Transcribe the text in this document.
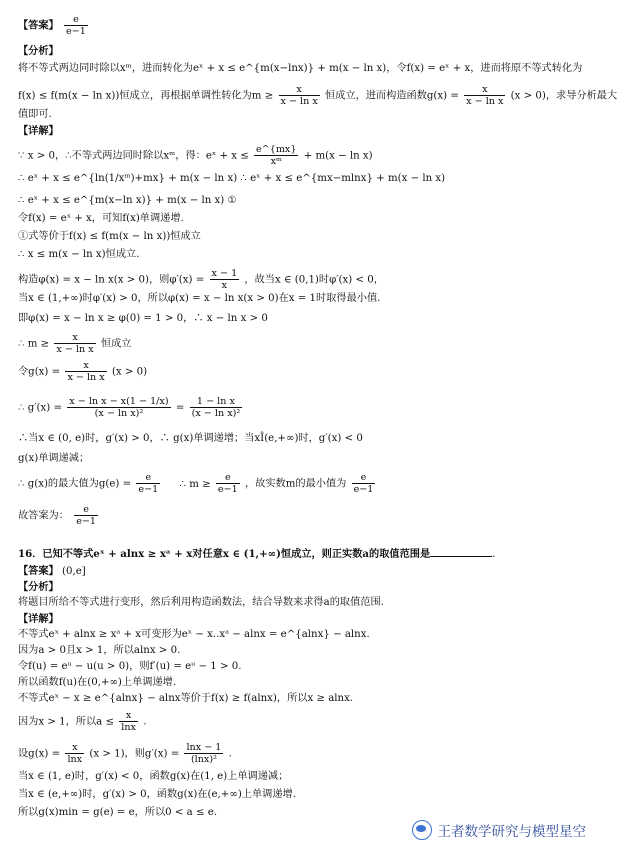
【答案】 $\frac{e}{e-1}$
【分析】
将不等式两边同时除以xᵐ，进而转化为eˣ + x ≤ e^{m(x−lnx)} + m(x − ln x)，令f(x) = eˣ + x，进而将原不等式转化为
f(x) ≤ f(m(x − ln x))恒成立，再根据单调性转化为$m \ge \frac{x}{\text{x − ln x}}$ 恒成立，进而构造函数$g(x) = \frac{x}{\text{x − ln x}} (x > 0)$，求导分析最大
值即可.
【详解】
∵ x > 0，∴不等式两边同时除以xᵐ，得：eˣ + $x \le \frac{e\^{}\{mx\}}{\text{xᵐ}} + m(x - \ln x)$
∴ eˣ + x ≤ e^{ln(1/xᵐ)+mx} + m(x − ln x) ∴ eˣ + x ≤ e^{mx−mlnx} + m(x − ln x)
∴ eˣ + x ≤ e^{m(x−ln x)} + m(x − ln x) ①
令f(x) = eˣ + x，可知f(x)单调递增.
①式等价于f(x) ≤ f(m(x − ln x))恒成立
∴ x ≤ m(x − ln x)恒成立.
构造φ(x) = x − ln x(x > 0)，则$\varphi'(x) = \frac{x - 1}{x}$ ，故当x ∈ (0,1)时φ′(x) < 0，
当x ∈ (1,+∞)时φ′(x) > 0，所以φ(x) = x − ln x(x > 0)在x = 1时取得最小值.
即φ(x) = x − ln x ≥ φ(0) = 1 > 0，∴ x − ln x > 0
∴ $m \ge \frac{x}{\text{x − ln x}}$ 恒成立
令$g(x) = \frac{x}{\text{x − ln x}} (x > 0)$
∴ $g'(x) = \frac{\text{x − ln x − x(1 − 1/x)}}{\text{(x − ln x)²}} = \frac{\text{1 − ln x}}{\text{(x − ln x)²}}$
∴当x ∈ (0, e)时，g′(x) > 0，∴ g(x)单调递增；当xÎ(e,+∞)时，g′(x) < 0
g(x)单调递减；
∴ g(x)的最大值为$g(e) = \frac{e}{e-1}$ ∴ $m \ge \frac{e}{e-1}$ ，故实数m的最小值为 $\frac{e}{e-1}$
故答案为： $\frac{e}{e-1}$
16．已知不等式eˣ + alnx ≥ xᵃ + x对任意x ∈ (1,+∞)恒成立，则正实数a的取值范围是	.
【答案】 (0,e]
【分析】
将题目所给不等式进行变形，然后利用构造函数法，结合导数来求得a的取值范围.
【详解】
不等式eˣ + alnx ≥ xᵃ + x可变形为eˣ − x..xᵃ − alnx = e^{alnx} − alnx.
因为a > 0且x > 1，所以alnx > 0.
令f(u) = eᵘ − u(u > 0)，则f′(u) = eᵘ − 1 > 0.
所以函数f(u)在(0,+∞)上单调递增.
不等式eˣ − x ≥ e^{alnx} − alnx等价于f(x) ≥ f(alnx)，所以x ≥ alnx.
因为x > 1，所以$a \le \frac{x}{\ln x}$ .
设$g(x) = \frac{x}{\ln x} (x > 1)$，则$g'(x) = \frac{\ln x - 1}{\text{(lnx)²}}$ .
当x ∈ (1, e)时，g′(x) < 0，函数g(x)在(1, e)上单调递减；
当x ∈ (e,+∞)时，g′(x) > 0，函数g(x)在(e,+∞)上单调递增.
所以g(x)min = g(e) = e，所以0 < a ≤ e.
王者数学研究与模型星空
